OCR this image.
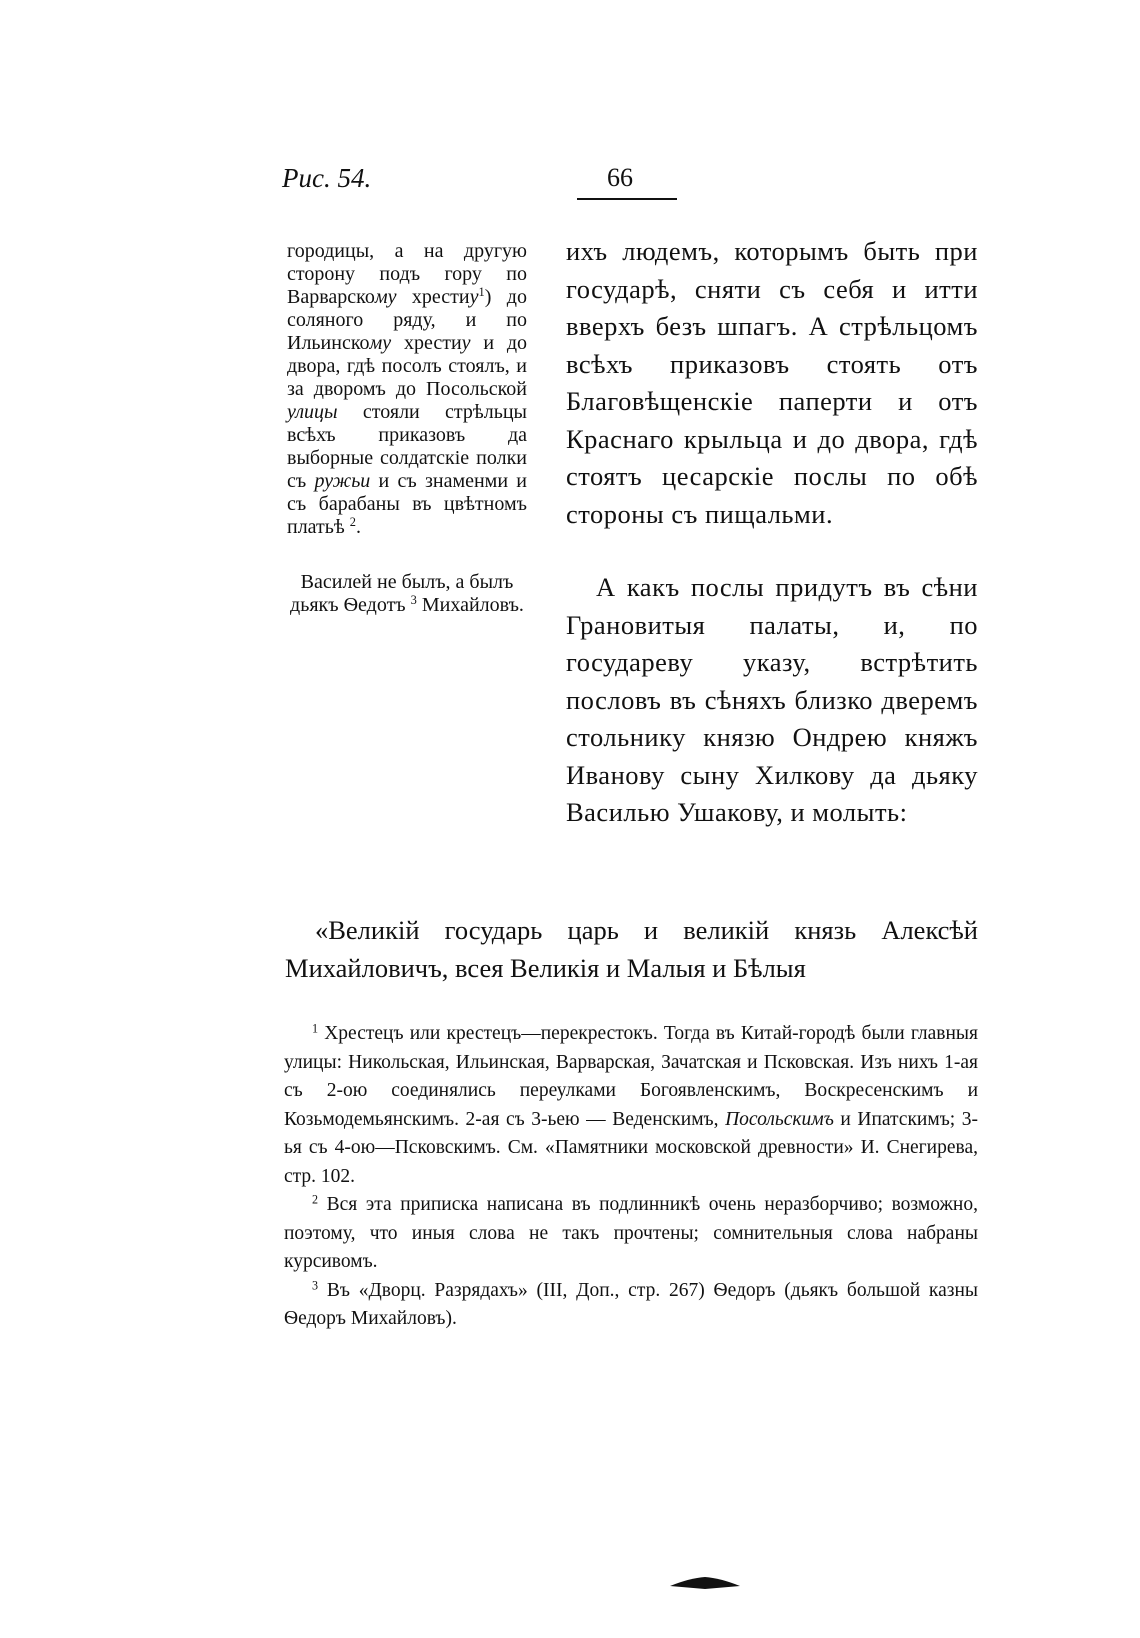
Рис. 54.	66

городицы, а на другую сторону подъ гору по Варварскому хрестиу$^1$) до соляного ряду, и по Ильинскому хрестиу и до двора, гдѣ посолъ стоялъ, и за дворомъ до Посольской улицы стояли стрѣльцы всѣхъ приказовъ да выборные солдатскіе полки съ ружьи и съ знаменми и съ барабаны въ цвѣтномъ платьѣ $^2$.

Василей не былъ, а былъ дьякъ Ѳедотъ $^3$ Михайловъ.

ихъ людемъ, которымъ быть при государѣ, сняти съ себя и итти вверхъ безъ шпагъ. А стрѣльцомъ всѣхъ приказовъ стоять отъ Благовѣщенскіе паперти и отъ Краснаго крыльца и до двора, гдѣ стоятъ цесарскіе послы по обѣ стороны съ пищальми.

А какъ послы придутъ въ сѣни Грановитыя палаты, и, по государеву указу, встрѣтить пословъ въ сѣняхъ близко дверемъ стольнику князю Ондрею княжъ Иванову сыну Хилкову да дьяку Василью Ушакову, и молыть:

«Великій государь царь и великій князь Алексѣй Михайловичъ, всея Великія и Малыя и Бѣлыя

$^1$ Хрестецъ или крестецъ—перекрестокъ. Тогда въ Китай-городѣ были главныя улицы: Никольская, Ильинская, Варварская, Зачатская и Псковская. Изъ нихъ 1-ая съ 2-ою соединялись переулками Богоявленскимъ, Воскресенскимъ и Козьмодемьянскимъ. 2-ая съ 3-ьею — Веденскимъ, Посольскимъ и Ипатскимъ; 3-ья съ 4-ою—Псковскимъ. См. «Памятники московской древности» И. Снегирева, стр. 102.

$^2$ Вся эта приписка написана въ подлинникѣ очень неразборчиво; возможно, поэтому, что иныя слова не такъ прочтены; сомнительныя слова набраны курсивомъ.

$^3$ Въ «Дворц. Разрядахъ» (III, Доп., стр. 267) Ѳедоръ (дьякъ большой казны Ѳедоръ Михайловъ).
